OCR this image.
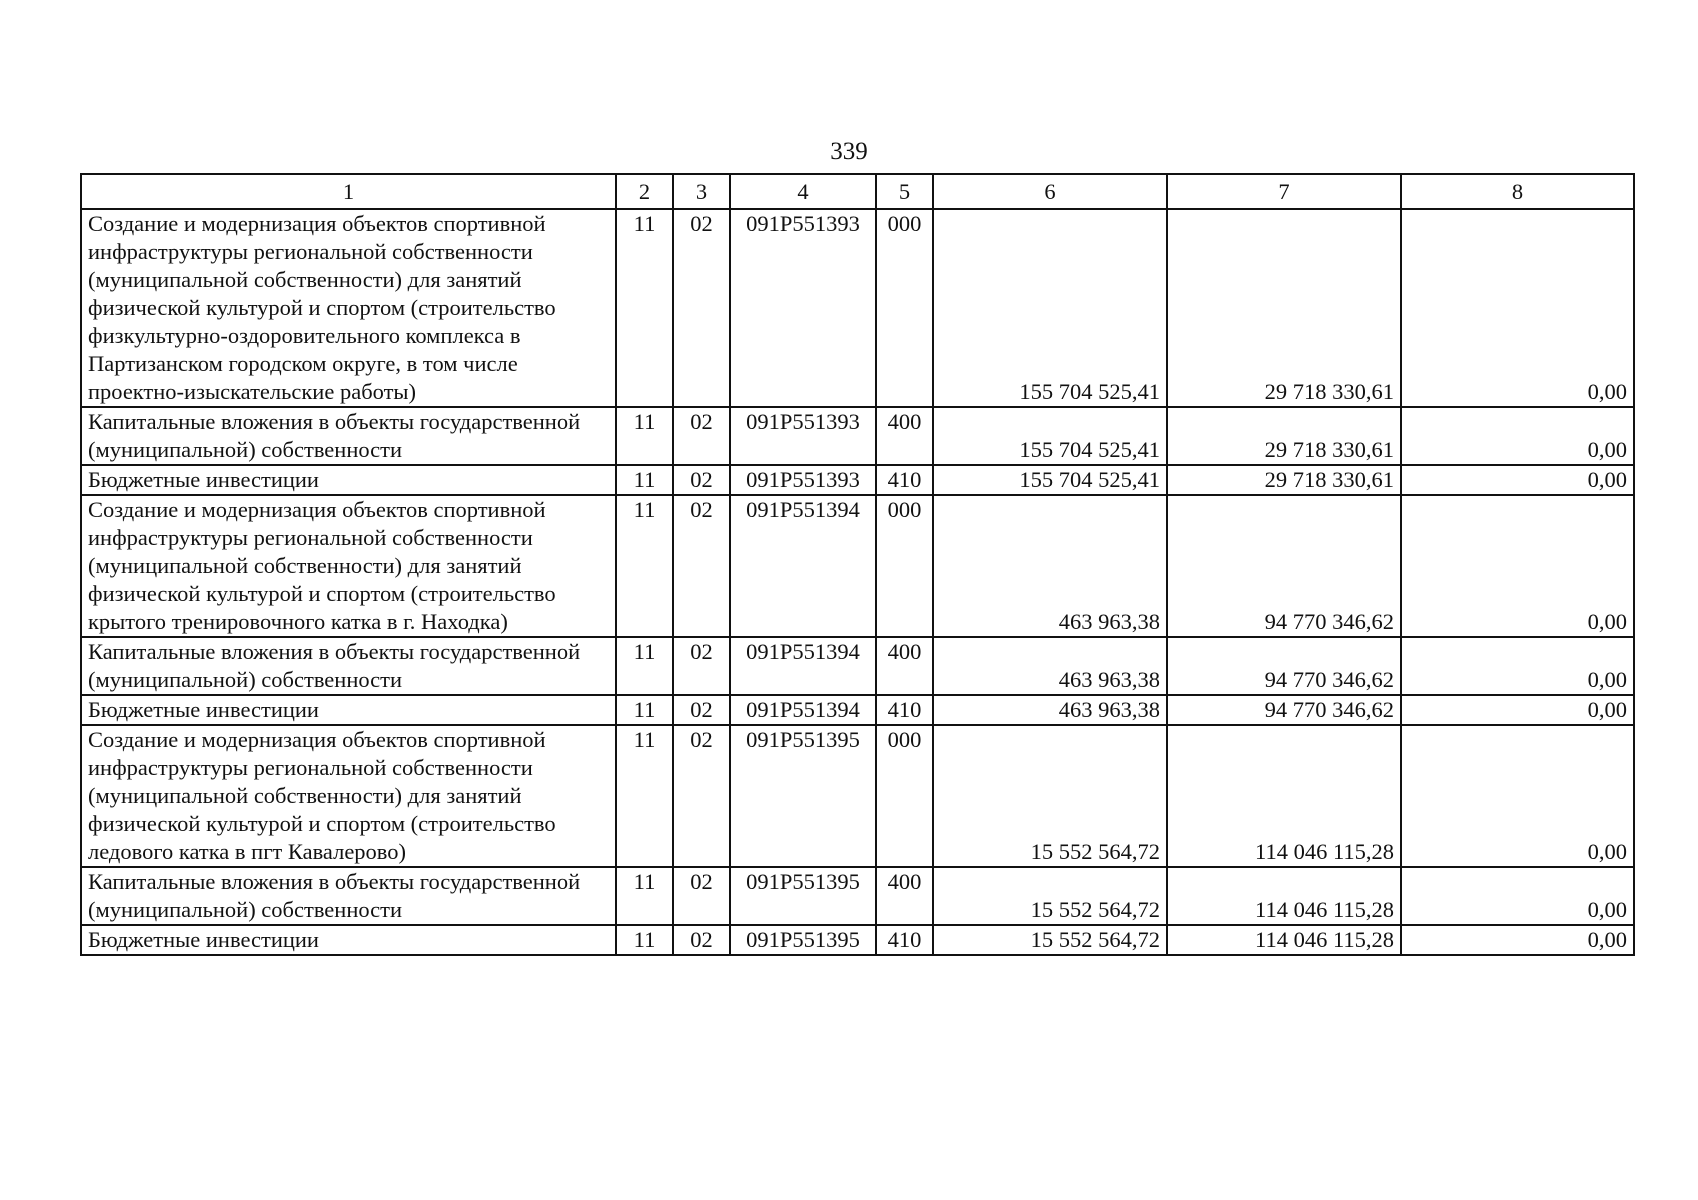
339
1	2	3	4	5	6	7	8
Создание и модернизация объектов спортивной инфраструктуры региональной собственности (муниципальной собственности) для занятий физической культурой и спортом (строительство физкультурно-оздоровительного комплекса в Партизанском городском округе, в том числе проектно-изыскательские работы)	11	02	091P551393	000	155 704 525,41	29 718 330,61	0,00
Капитальные вложения в объекты государственной (муниципальной) собственности	11	02	091P551393	400	155 704 525,41	29 718 330,61	0,00
Бюджетные инвестиции	11	02	091P551393	410	155 704 525,41	29 718 330,61	0,00
Создание и модернизация объектов спортивной инфраструктуры региональной собственности (муниципальной собственности) для занятий физической культурой и спортом (строительство крытого тренировочного катка в г. Находка)	11	02	091P551394	000	463 963,38	94 770 346,62	0,00
Капитальные вложения в объекты государственной (муниципальной) собственности	11	02	091P551394	400	463 963,38	94 770 346,62	0,00
Бюджетные инвестиции	11	02	091P551394	410	463 963,38	94 770 346,62	0,00
Создание и модернизация объектов спортивной инфраструктуры региональной собственности (муниципальной собственности) для занятий физической культурой и спортом (строительство ледового катка в пгт Кавалерово)	11	02	091P551395	000	15 552 564,72	114 046 115,28	0,00
Капитальные вложения в объекты государственной (муниципальной) собственности	11	02	091P551395	400	15 552 564,72	114 046 115,28	0,00
Бюджетные инвестиции	11	02	091P551395	410	15 552 564,72	114 046 115,28	0,00
